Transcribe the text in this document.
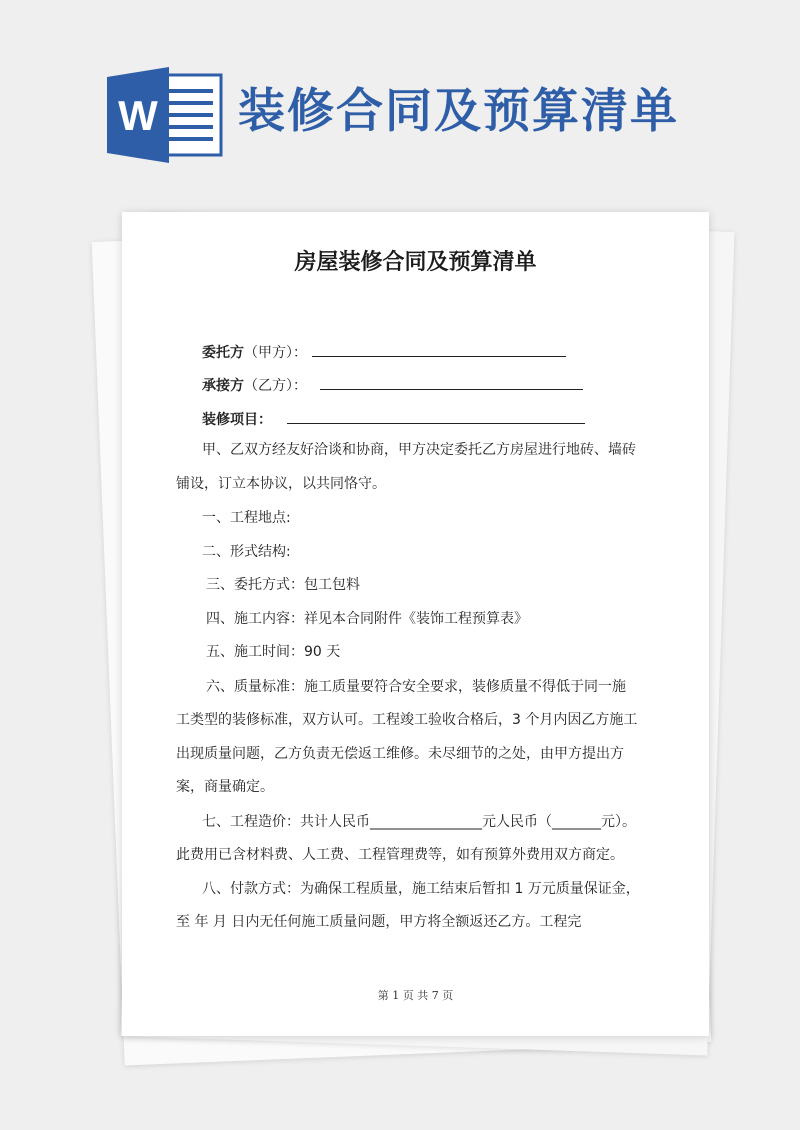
W 装修合同及预算清单
房屋装修合同及预算清单
委托方（甲方）：
承接方（乙方）：
装修项目：
甲、乙双方经友好洽谈和协商，甲方决定委托乙方房屋进行地砖、墙砖
铺设，订立本协议，以共同恪守。
一、工程地点:
二、形式结构:
三、委托方式：包工包料
四、施工内容：祥见本合同附件《装饰工程预算表》
五、施工时间：90 天
六、质量标准：施工质量要符合安全要求，装修质量不得低于同一施
工类型的装修标准，双方认可。工程竣工验收合格后，3 个月内因乙方施工
出现质量问题，乙方负责无偿返工维修。未尽细节的之处，由甲方提出方
案，商量确定。
七、工程造价：共计人民币________________元人民币（_______元）。
此费用已含材料费、人工费、工程管理费等，如有预算外费用双方商定。
八、付款方式：为确保工程质量，施工结束后暂扣 1 万元质量保证金，
至 年 月 日内无任何施工质量问题，甲方将全额返还乙方。工程完
第 1 页 共 7 页
